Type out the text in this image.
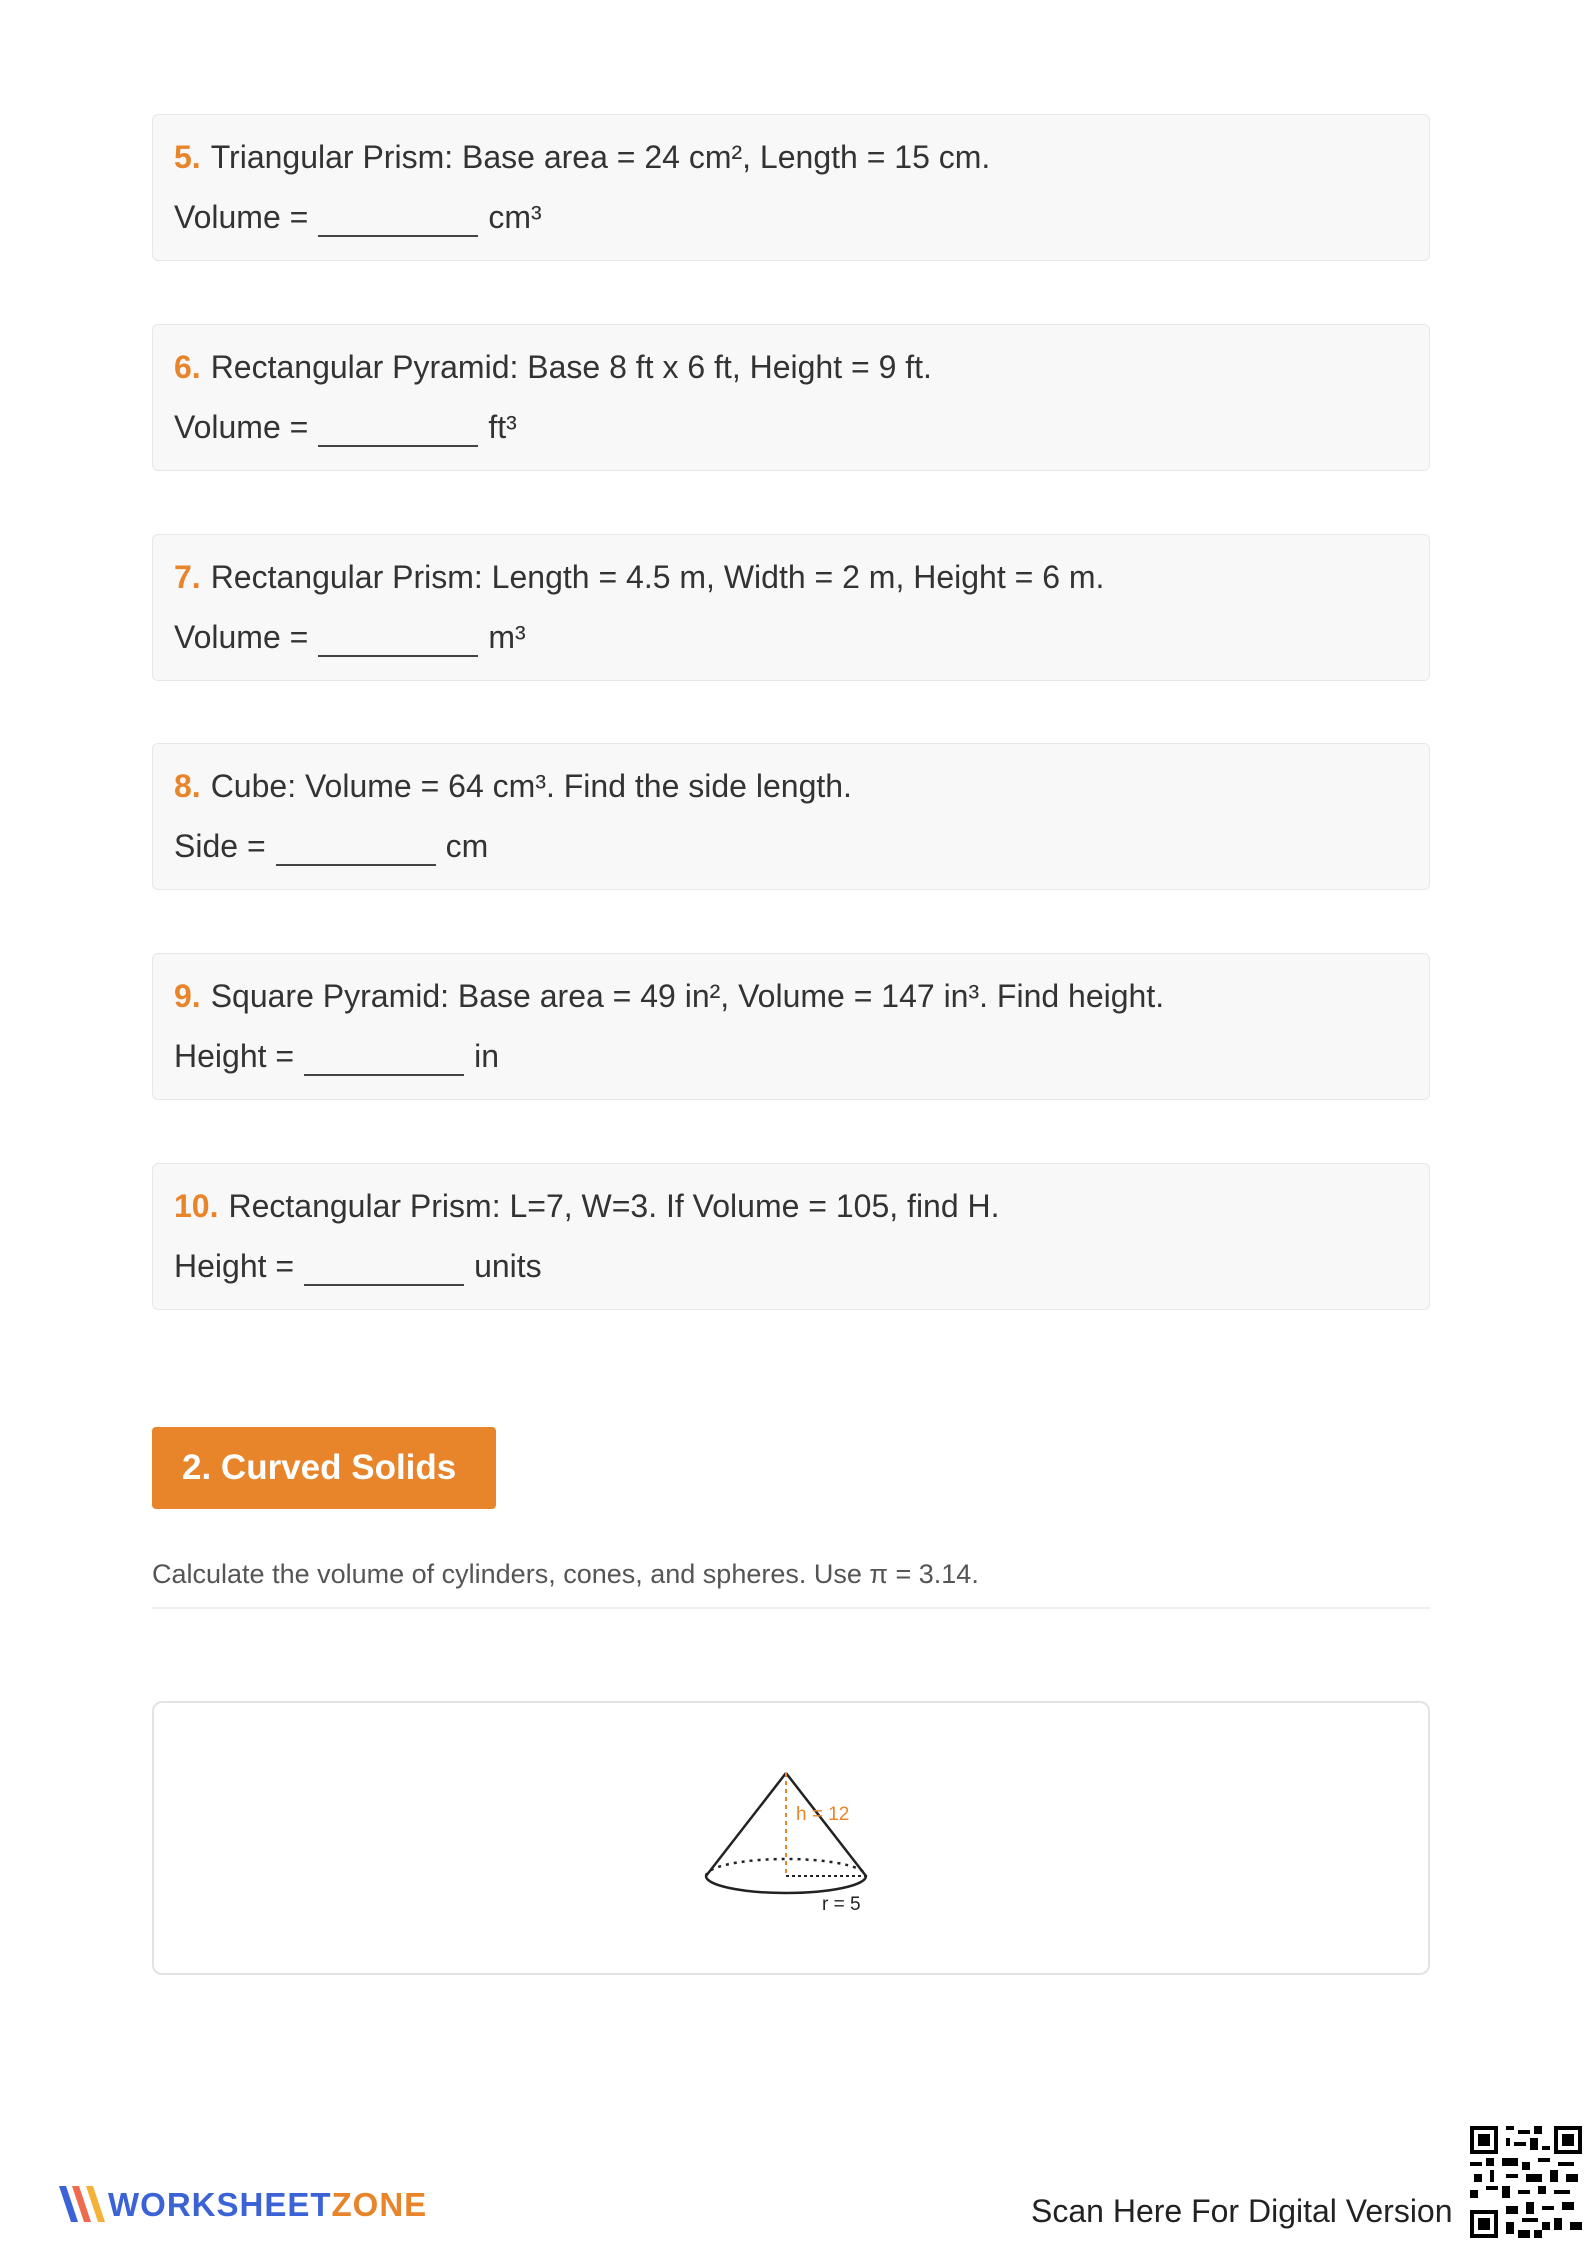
5. Triangular Prism: Base area = 24 cm², Length = 15 cm.
Volume =	cm³
6. Rectangular Pyramid: Base 8 ft x 6 ft, Height = 9 ft.
Volume =	ft³
7. Rectangular Prism: Length = 4.5 m, Width = 2 m, Height = 6 m.
Volume =	m³
8. Cube: Volume = 64 cm³. Find the side length.
Side =	cm
9. Square Pyramid: Base area = 49 in², Volume = 147 in³. Find height.
Height =	in
10. Rectangular Prism: L=7, W=3. If Volume = 105, find H.
Height =	units
2. Curved Solids
Calculate the volume of cylinders, cones, and spheres. Use π = 3.14.
h = 12
r = 5
WORKSHEETZONE	Scan Here For Digital Version
